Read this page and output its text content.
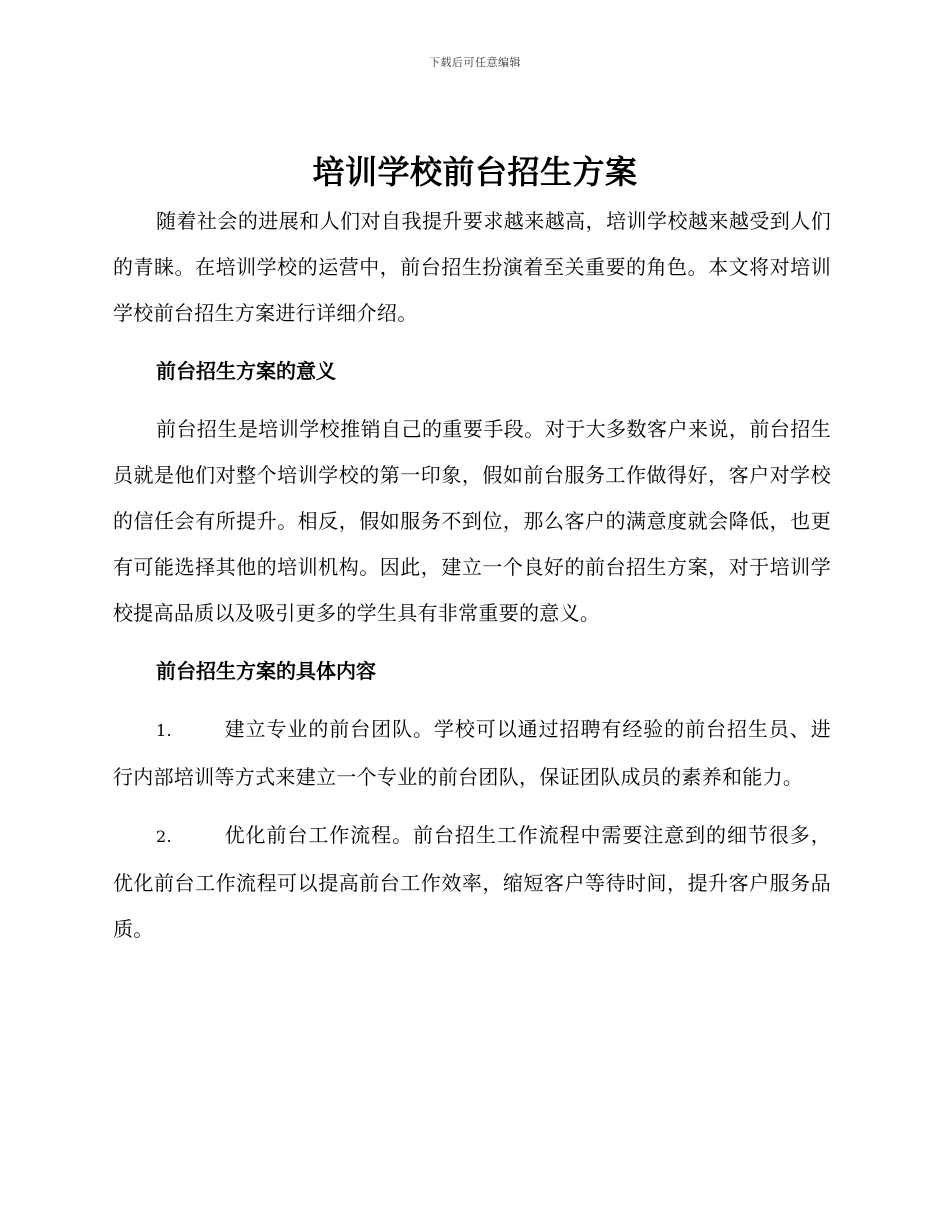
下载后可任意编辑
培训学校前台招生方案

随着社会的进展和人们对自我提升要求越来越高，培训学校越来越受到人们的青睐。在培训学校的运营中，前台招生扮演着至关重要的角色。本文将对培训学校前台招生方案进行详细介绍。

前台招生方案的意义

前台招生是培训学校推销自己的重要手段。对于大多数客户来说，前台招生员就是他们对整个培训学校的第一印象，假如前台服务工作做得好，客户对学校的信任会有所提升。相反，假如服务不到位，那么客户的满意度就会降低，也更有可能选择其他的培训机构。因此，建立一个良好的前台招生方案，对于培训学校提高品质以及吸引更多的学生具有非常重要的意义。

前台招生方案的具体内容

1.	建立专业的前台团队。学校可以通过招聘有经验的前台招生员、进行内部培训等方式来建立一个专业的前台团队，保证团队成员的素养和能力。

2.	优化前台工作流程。前台招生工作流程中需要注意到的细节很多，优化前台工作流程可以提高前台工作效率，缩短客户等待时间，提升客户服务品质。
